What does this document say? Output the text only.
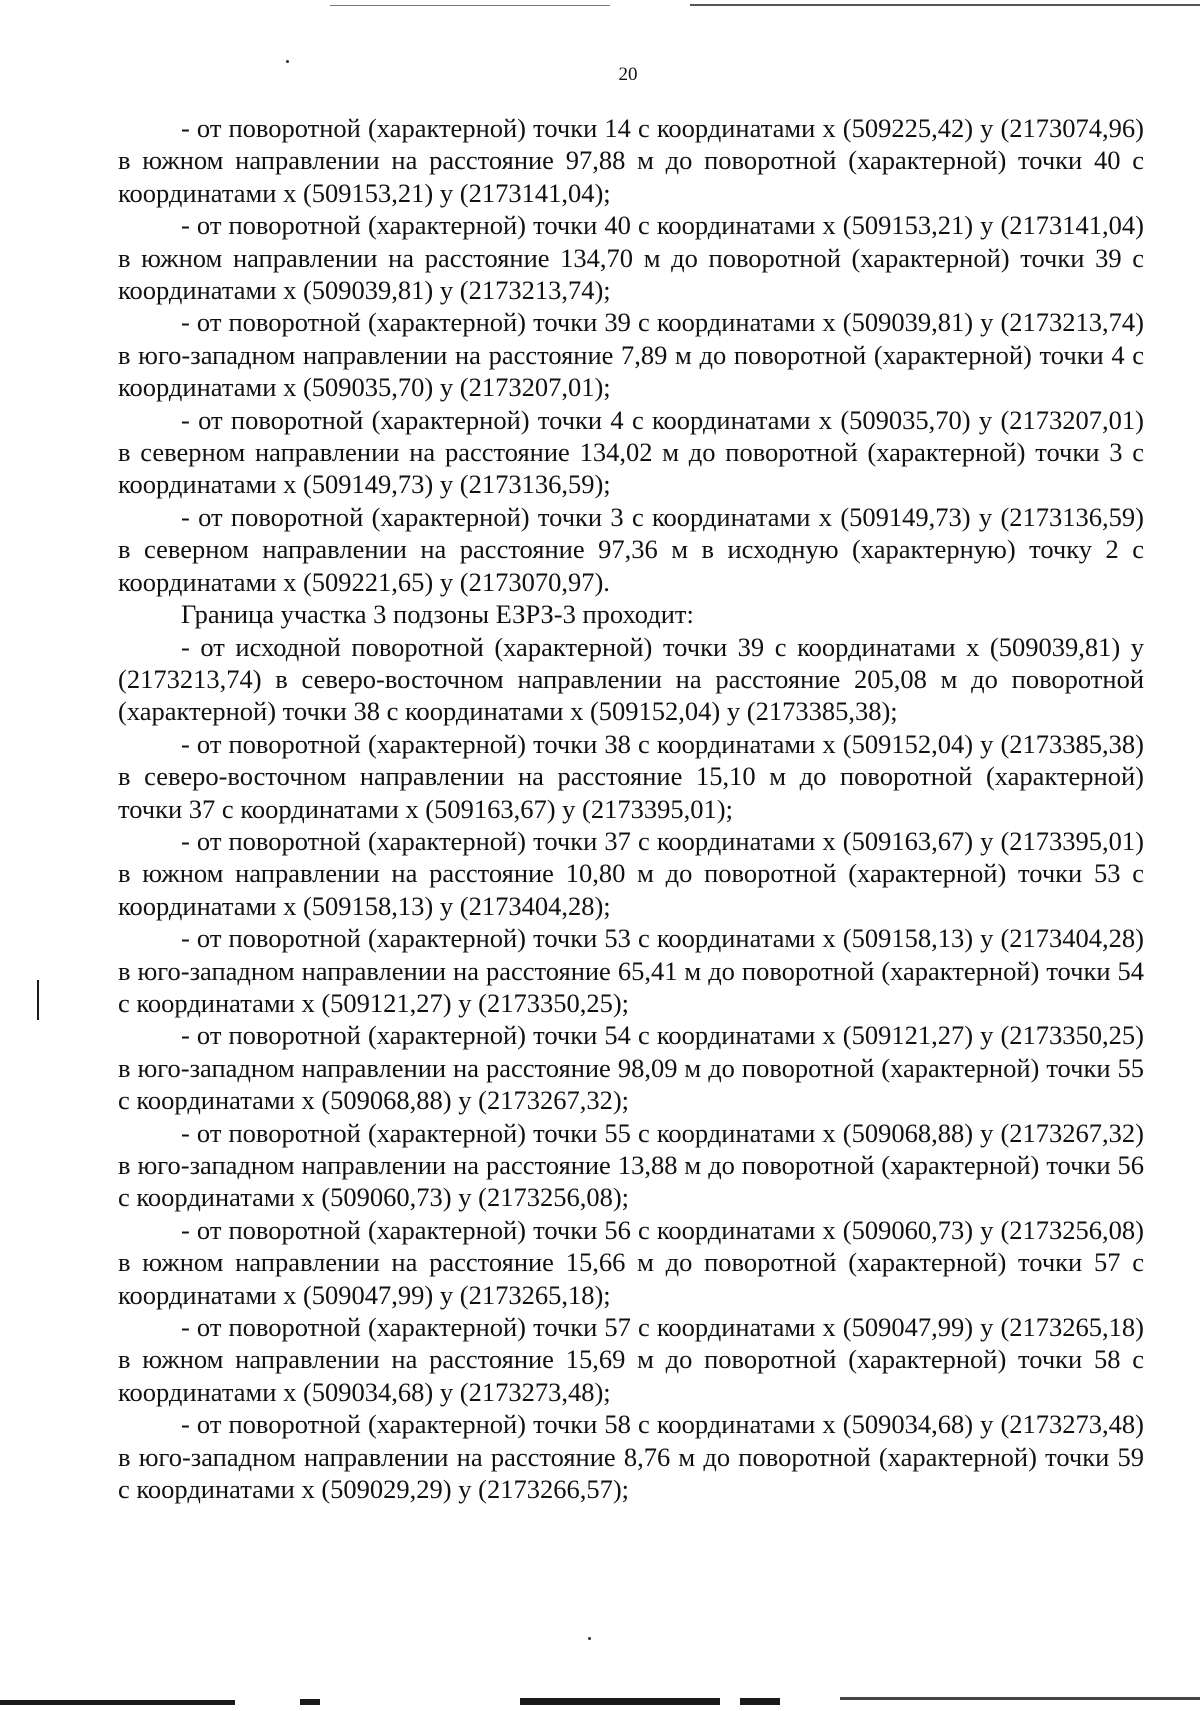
20

- от поворотной (характерной) точки 14 с координатами x (509225,42) y (2173074,96) в южном направлении на расстояние 97,88 м до поворотной (характерной) точки 40 с координатами x (509153,21) y (2173141,04);

- от поворотной (характерной) точки 40 с координатами x (509153,21) y (2173141,04) в южном направлении на расстояние 134,70 м до поворотной (характерной) точки 39 с координатами x (509039,81) y (2173213,74);

- от поворотной (характерной) точки 39 с координатами x (509039,81) y (2173213,74) в юго-западном направлении на расстояние 7,89 м до поворотной (характерной) точки 4 с координатами x (509035,70) y (2173207,01);

- от поворотной (характерной) точки 4 с координатами x (509035,70) y (2173207,01) в северном направлении на расстояние 134,02 м до поворотной (характерной) точки 3 с координатами x (509149,73) y (2173136,59);

- от поворотной (характерной) точки 3 с координатами x (509149,73) y (2173136,59) в северном направлении на расстояние 97,36 м в исходную (характерную) точку 2 с координатами x (509221,65) y (2173070,97).

Граница участка 3 подзоны ЕЗРЗ-3 проходит:

- от исходной поворотной (характерной) точки 39 с координатами x (509039,81) y (2173213,74) в северо-восточном направлении на расстояние 205,08 м до поворотной (характерной) точки 38 с координатами x (509152,04) y (2173385,38);

- от поворотной (характерной) точки 38 с координатами x (509152,04) y (2173385,38) в северо-восточном направлении на расстояние 15,10 м до поворотной (характерной) точки 37 с координатами x (509163,67) y (2173395,01);

- от поворотной (характерной) точки 37 с координатами x (509163,67) y (2173395,01) в южном направлении на расстояние 10,80 м до поворотной (характерной) точки 53 с координатами x (509158,13) y (2173404,28);

- от поворотной (характерной) точки 53 с координатами x (509158,13) y (2173404,28) в юго-западном направлении на расстояние 65,41 м до поворотной (характерной) точки 54 с координатами x (509121,27) y (2173350,25);

- от поворотной (характерной) точки 54 с координатами x (509121,27) y (2173350,25) в юго-западном направлении на расстояние 98,09 м до поворотной (характерной) точки 55 с координатами x (509068,88) y (2173267,32);

- от поворотной (характерной) точки 55 с координатами x (509068,88) y (2173267,32) в юго-западном направлении на расстояние 13,88 м до поворотной (характерной) точки 56 с координатами x (509060,73) y (2173256,08);

- от поворотной (характерной) точки 56 с координатами x (509060,73) y (2173256,08) в южном направлении на расстояние 15,66 м до поворотной (характерной) точки 57 с координатами x (509047,99) y (2173265,18);

- от поворотной (характерной) точки 57 с координатами x (509047,99) y (2173265,18) в южном направлении на расстояние 15,69 м до поворотной (характерной) точки 58 с координатами x (509034,68) y (2173273,48);

- от поворотной (характерной) точки 58 с координатами x (509034,68) y (2173273,48) в юго-западном направлении на расстояние 8,76 м до поворотной (характерной) точки 59 с координатами x (509029,29) y (2173266,57);
